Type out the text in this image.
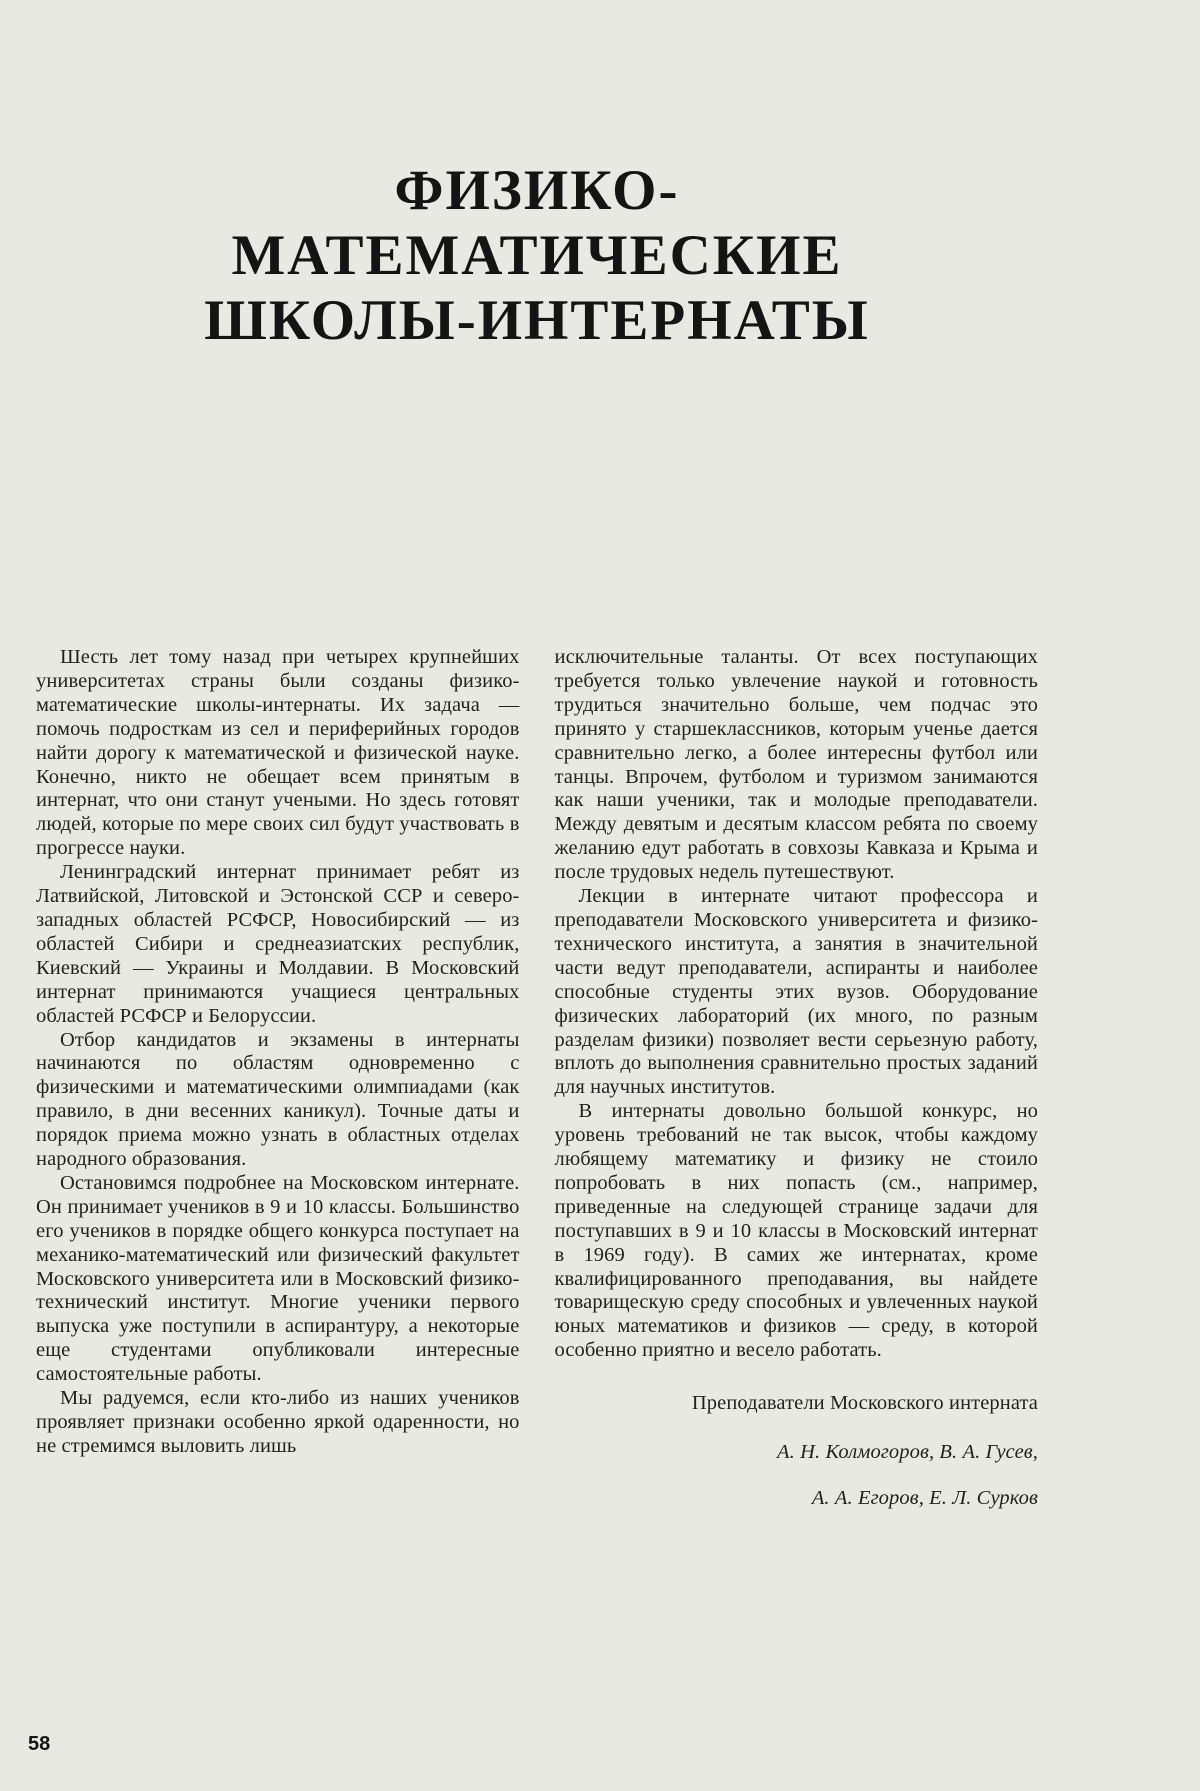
ФИЗИКО-
МАТЕМАТИЧЕСКИЕ
ШКОЛЫ-ИНТЕРНАТЫ

Шесть лет тому назад при четырех крупнейших университетах страны были созданы физико-математические школы-интернаты. Их задача — помочь подросткам из сел и периферийных городов найти дорогу к математической и физической науке. Конечно, никто не обещает всем принятым в интернат, что они станут учеными. Но здесь готовят людей, которые по мере своих сил будут участвовать в прогрессе науки.

Ленинградский интернат принимает ребят из Латвийской, Литовской и Эстонской ССР и северо-западных областей РСФСР, Новосибирский — из областей Сибири и среднеазиатских республик, Киевский — Украины и Молдавии. В Московский интернат принимаются учащиеся центральных областей РСФСР и Белоруссии.

Отбор кандидатов и экзамены в интернаты начинаются по областям одновременно с физическими и математическими олимпиадами (как правило, в дни весенних каникул). Точные даты и порядок приема можно узнать в областных отделах народного образования.

Остановимся подробнее на Московском интернате. Он принимает учеников в 9 и 10 классы. Большинство его учеников в порядке общего конкурса поступает на механико-математический или физический факультет Московского университета или в Московский физико-технический институт. Многие ученики первого выпуска уже поступили в аспирантуру, а некоторые еще студентами опубликовали интересные самостоятельные работы.

Мы радуемся, если кто-либо из наших учеников проявляет признаки особенно яркой одаренности, но не стремимся выловить лишь

исключительные таланты. От всех поступающих требуется только увлечение наукой и готовность трудиться значительно больше, чем подчас это принято у старшеклассников, которым ученье дается сравнительно легко, а более интересны футбол или танцы. Впрочем, футболом и туризмом занимаются как наши ученики, так и молодые преподаватели. Между девятым и десятым классом ребята по своему желанию едут работать в совхозы Кавказа и Крыма и после трудовых недель путешествуют.

Лекции в интернате читают профессора и преподаватели Московского университета и физико-технического института, а занятия в значительной части ведут преподаватели, аспиранты и наиболее способные студенты этих вузов. Оборудование физических лабораторий (их много, по разным разделам физики) позволяет вести серьезную работу, вплоть до выполнения сравнительно простых заданий для научных институтов.

В интернаты довольно большой конкурс, но уровень требований не так высок, чтобы каждому любящему математику и физику не стоило попробовать в них попасть (см., например, приведенные на следующей странице задачи для поступавших в 9 и 10 классы в Московский интернат в 1969 году). В самих же интернатах, кроме квалифицированного преподавания, вы найдете товарищескую среду способных и увлеченных наукой юных математиков и физиков — среду, в которой особенно приятно и весело работать.

Преподаватели Московского интерната
А. Н. Колмогоров, В. А. Гусев,
А. А. Егоров, Е. Л. Сурков
58
